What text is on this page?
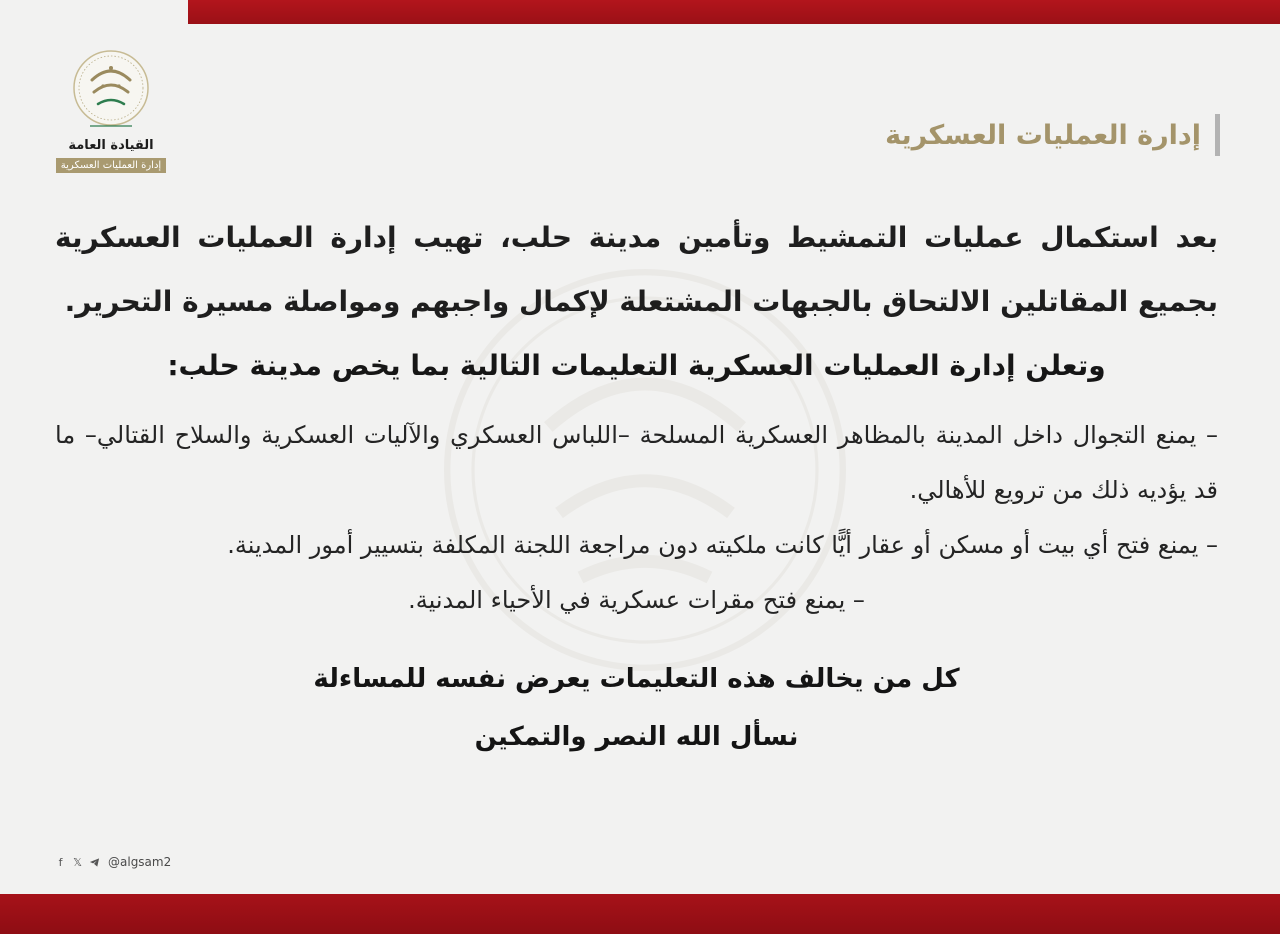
القيادة العامة
إدارة العمليات العسكرية
إدارة العمليات العسكرية

بعد استكمال عمليات التمشيط وتأمين مدينة حلب، تهيب إدارة العمليات العسكرية بجميع المقاتلين الالتحاق بالجبهات المشتعلة لإكمال واجبهم ومواصلة مسيرة التحرير.

وتعلن إدارة العمليات العسكرية التعليمات التالية بما يخص مدينة حلب:

– يمنع التجوال داخل المدينة بالمظاهر العسكرية المسلحة –اللباس العسكري والآليات العسكرية والسلاح القتالي– ما قد يؤديه ذلك من ترويع للأهالي.
– يمنع فتح أي بيت أو مسكن أو عقار أيًّا كانت ملكيته دون مراجعة اللجنة المكلفة بتسيير أمور المدينة.
– يمنع فتح مقرات عسكرية في الأحياء المدنية.

كل من يخالف هذه التعليمات يعرض نفسه للمساءلة
نسأل الله النصر والتمكين

f 𝕏 @algsam2
